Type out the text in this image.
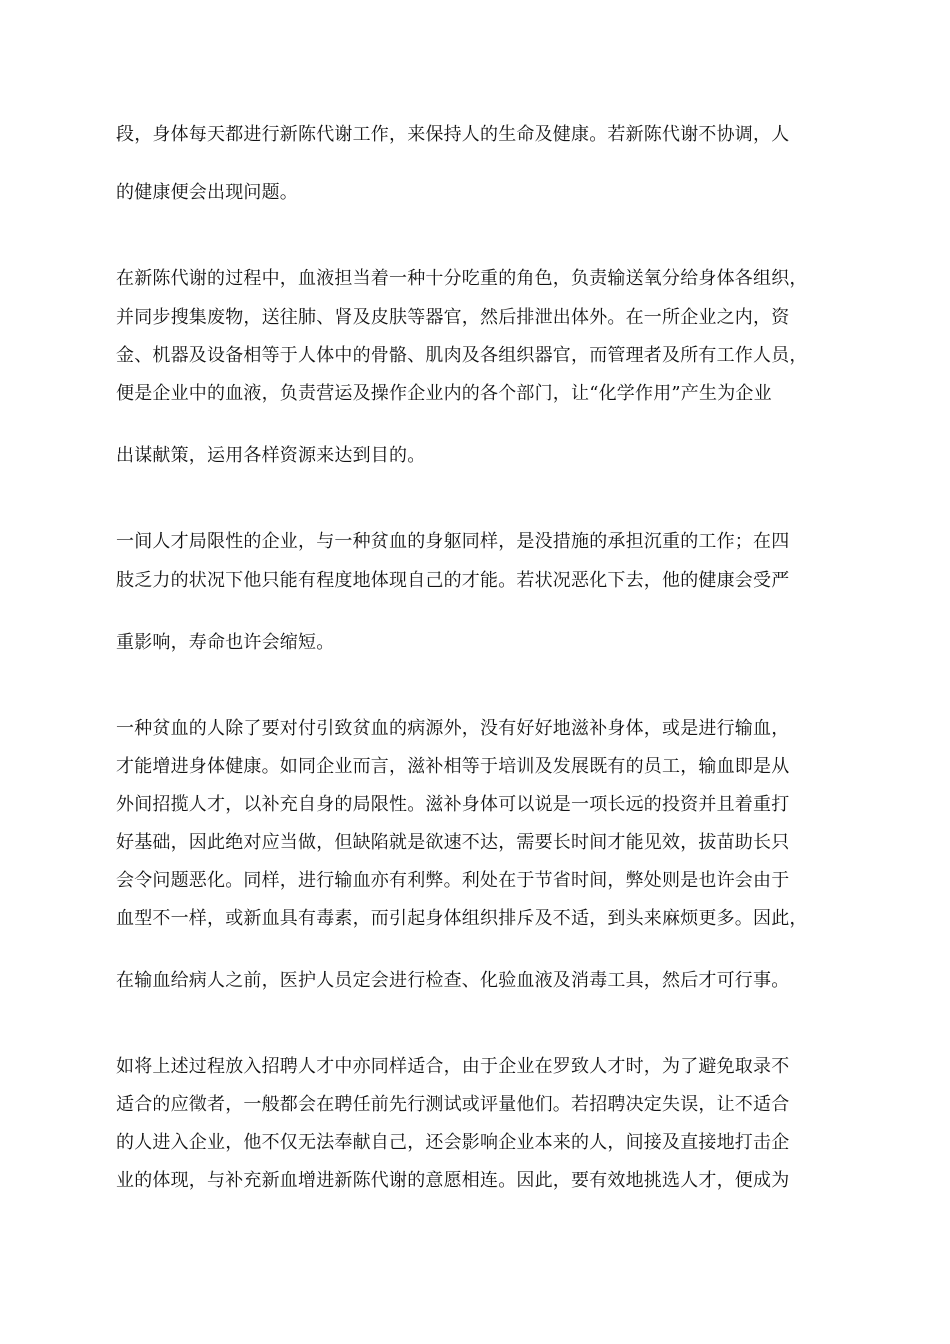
段，身体每天都进行新陈代谢工作，来保持人的生命及健康。若新陈代谢不协调，人
的健康便会出现问题。
在新陈代谢的过程中，血液担当着一种十分吃重的角色，负责输送氧分给身体各组织，
并同步搜集废物，送往肺、肾及皮肤等器官，然后排泄出体外。在一所企业之内，资
金、机器及设备相等于人体中的骨骼、肌肉及各组织器官，而管理者及所有工作人员，
便是企业中的血液，负责营运及操作企业内的各个部门，让“化学作用”产生为企业
出谋献策，运用各样资源来达到目的。
一间人才局限性的企业，与一种贫血的身躯同样，是没措施的承担沉重的工作；在四
肢乏力的状况下他只能有程度地体现自己的才能。若状况恶化下去，他的健康会受严
重影响，寿命也许会缩短。
一种贫血的人除了要对付引致贫血的病源外，没有好好地滋补身体，或是进行输血，
才能增进身体健康。如同企业而言，滋补相等于培训及发展既有的员工，输血即是从
外间招揽人才，以补充自身的局限性。滋补身体可以说是一项长远的投资并且着重打
好基础，因此绝对应当做，但缺陷就是欲速不达，需要长时间才能见效，拔苗助长只
会令问题恶化。同样，进行输血亦有利弊。利处在于节省时间，弊处则是也许会由于
血型不一样，或新血具有毒素，而引起身体组织排斥及不适，到头来麻烦更多。因此，
在输血给病人之前，医护人员定会进行检查、化验血液及消毒工具，然后才可行事。
如将上述过程放入招聘人才中亦同样适合，由于企业在罗致人才时，为了避免取录不
适合的应徵者，一般都会在聘任前先行测试或评量他们。若招聘决定失误，让不适合
的人进入企业，他不仅无法奉献自己，还会影响企业本来的人，间接及直接地打击企
业的体现，与补充新血增进新陈代谢的意愿相连。因此，要有效地挑选人才，便成为
